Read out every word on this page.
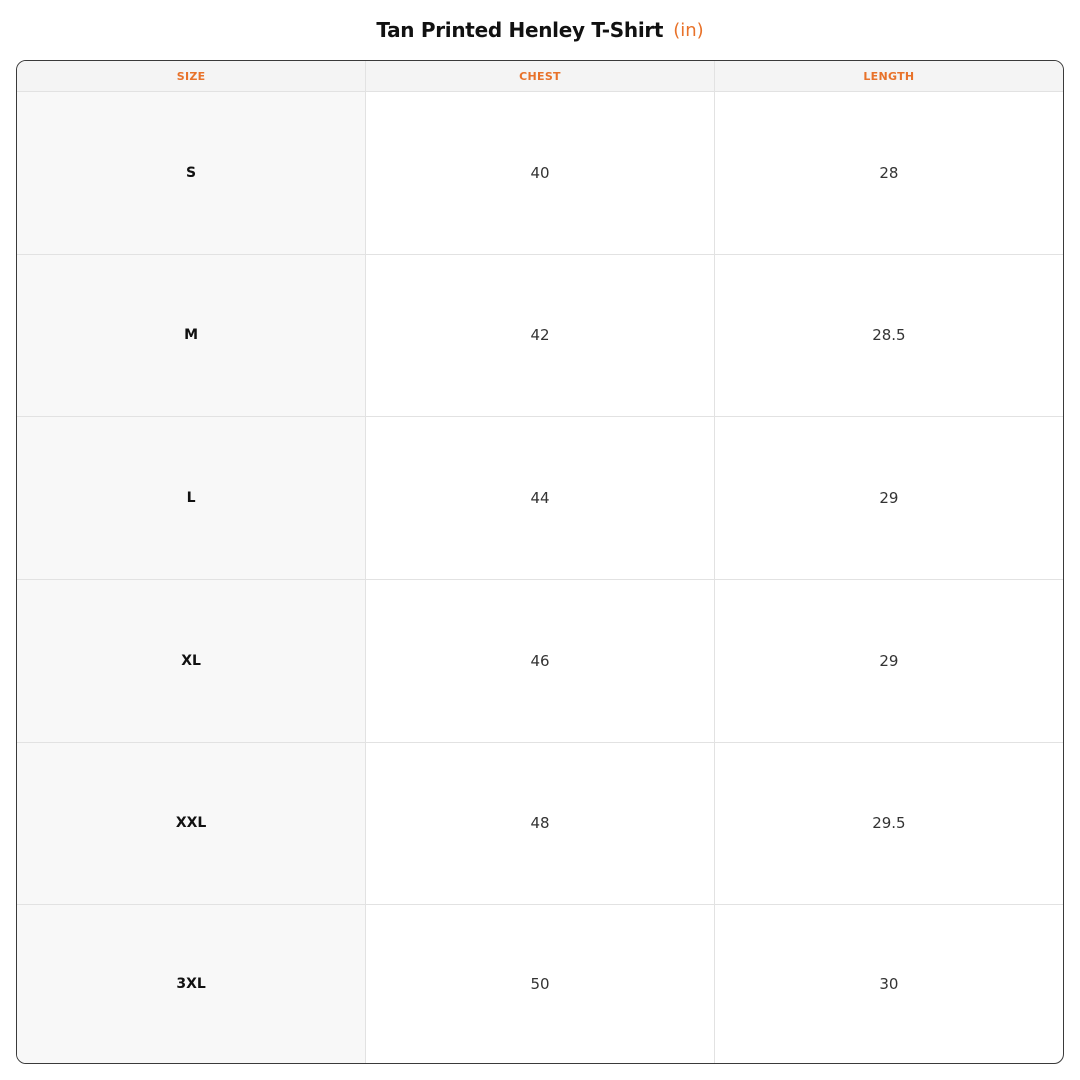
Tan Printed Henley T-Shirt (in)
SIZE	CHEST	LENGTH
S	40	28
M	42	28.5
L	44	29
XL	46	29
XXL	48	29.5
3XL	50	30
